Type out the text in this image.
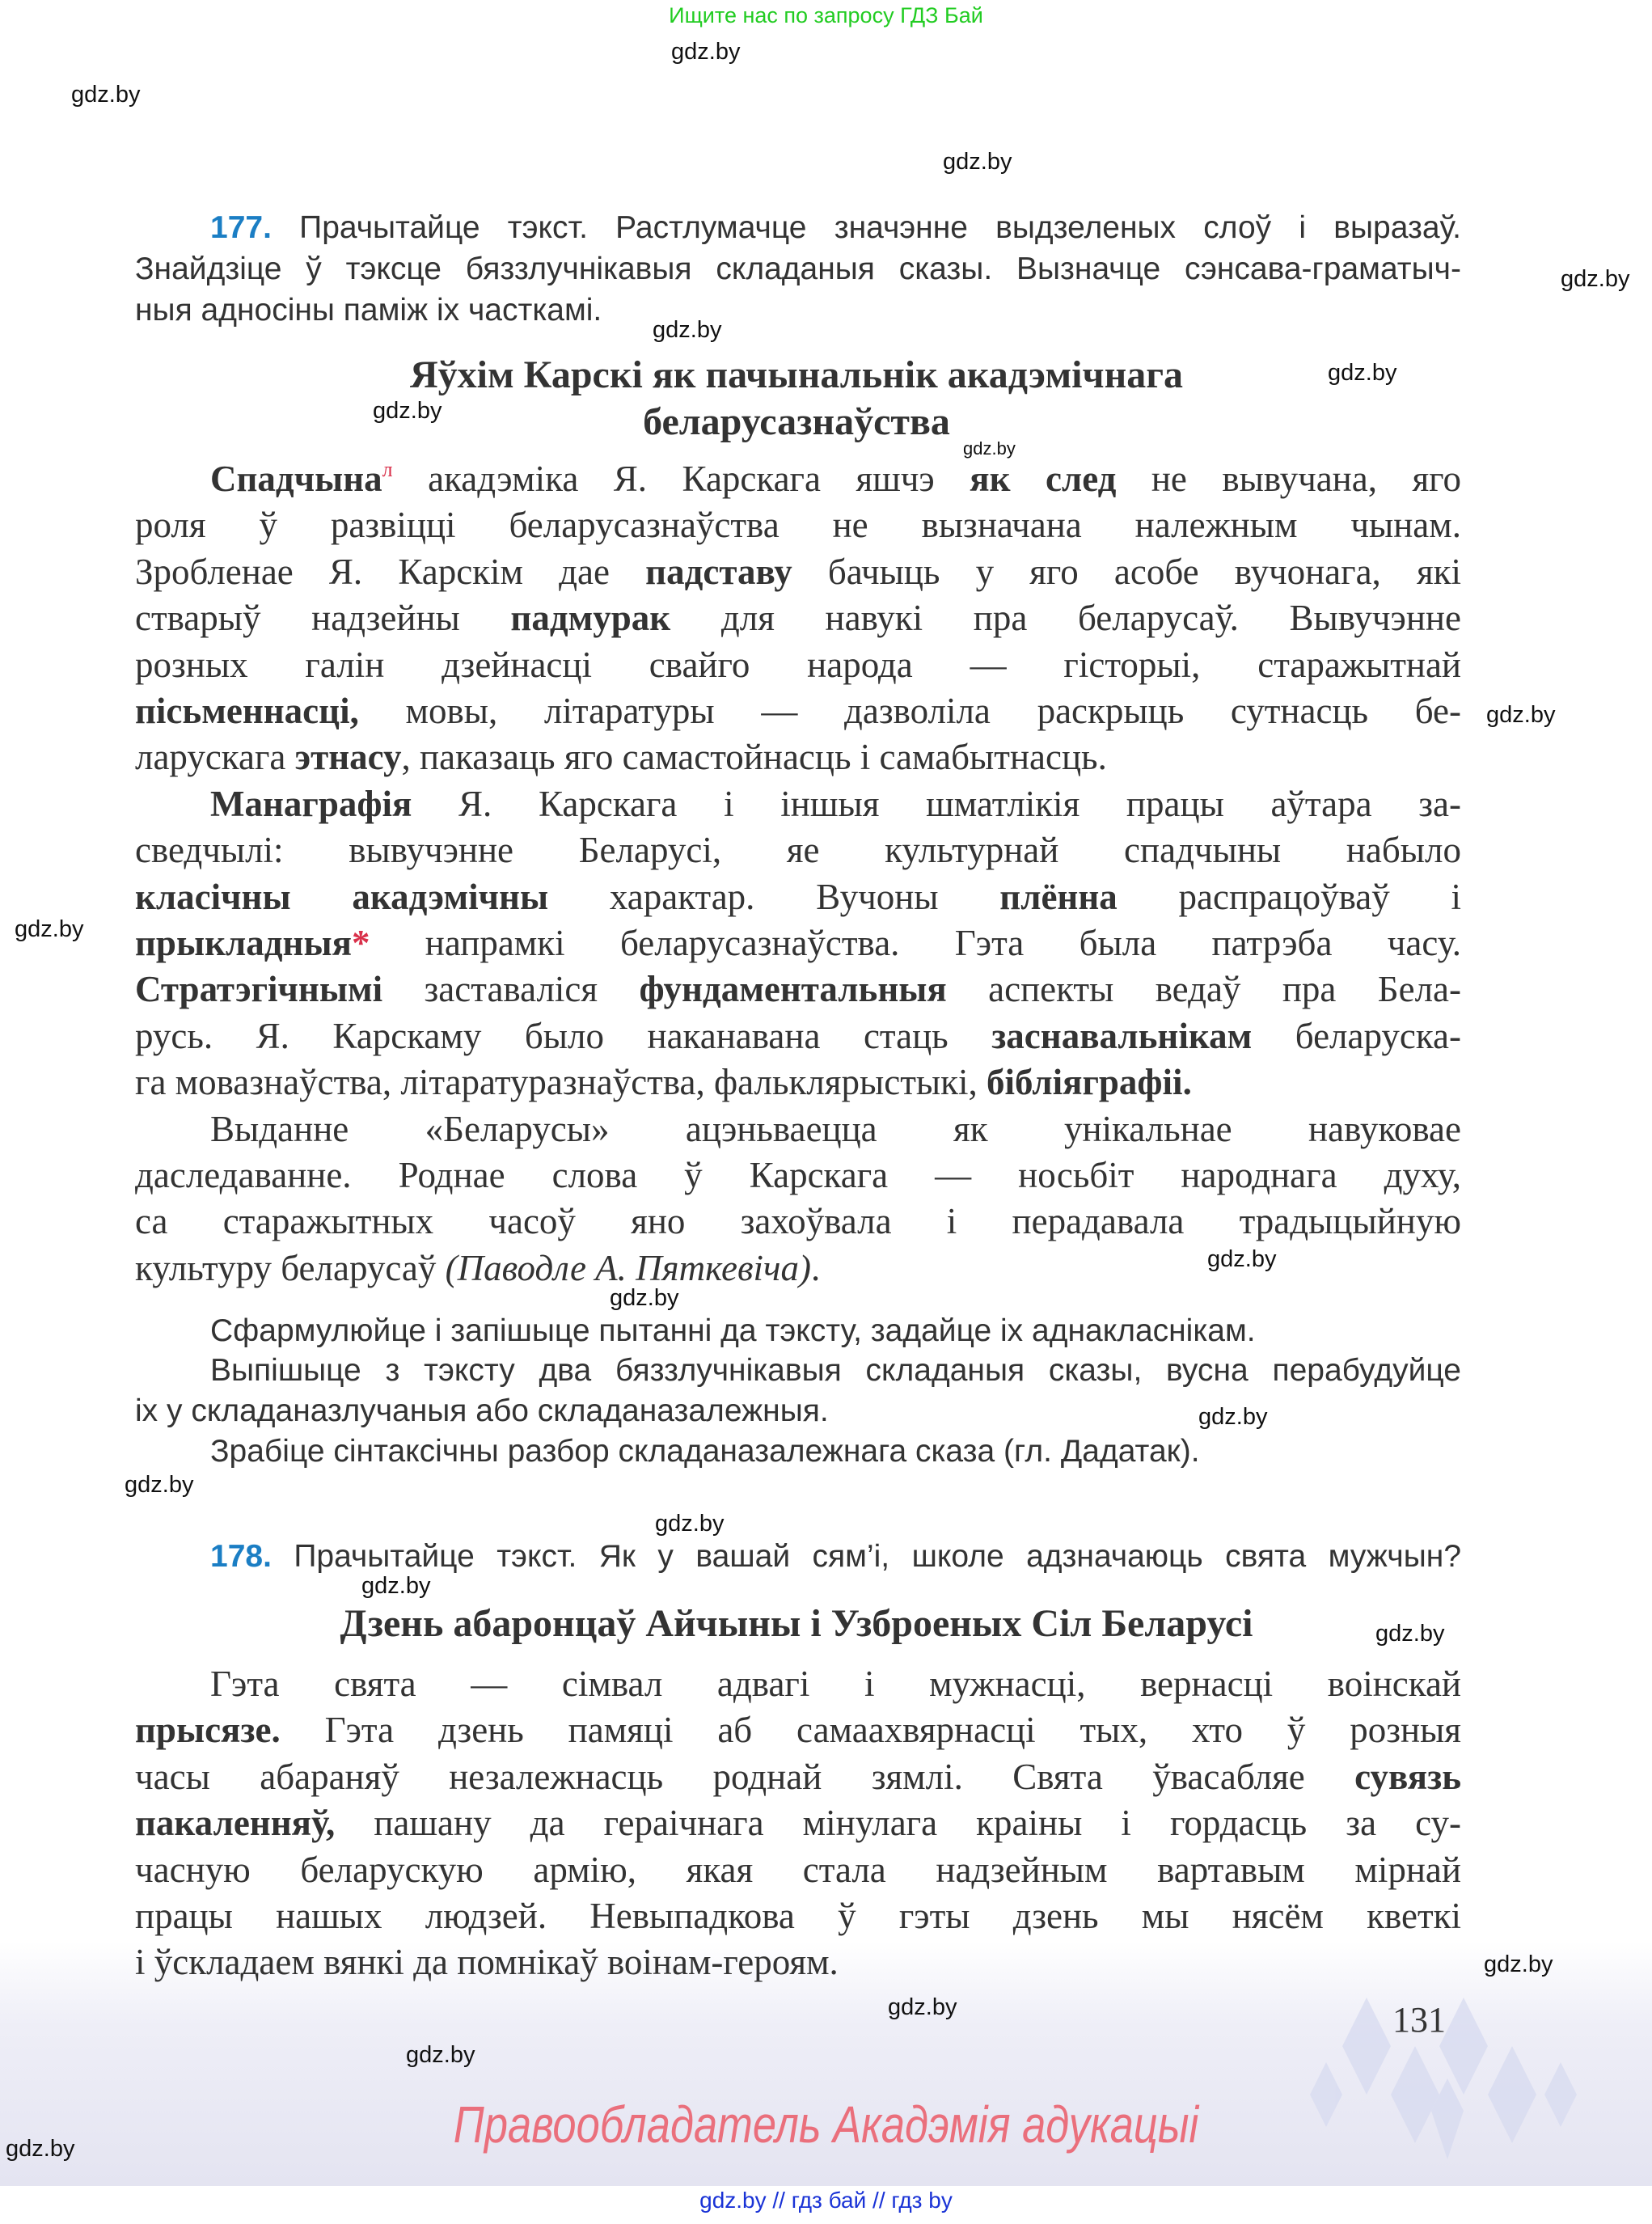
Ищите нас по запросу ГДЗ Бай
177. Прачытайце тэкст. Растлумачце значэнне выдзеленых слоў і выразаў.
Знайдзіце ў тэксце бяззлучнікавыя складаныя сказы. Вызначце сэнсава-граматыч-
ныя адносіны паміж іх часткамі.
Яўхім Карскі як пачынальнік акадэмічнага
беларусазнаўства
Спадчына$^л$ акадэміка Я. Карскага яшчэ як след не вывучана, яго
роля ў развіцці беларусазнаўства не вызначана належным чынам.
Зробленае Я. Карскім дае падставу бачыць у яго асобе вучонага, які
стварыў надзейны падмурак для навукі пра беларусаў. Вывучэнне
розных галін дзейнасці свайго народа — гісторыі, старажытнай
пісьменнасці, мовы, літаратуры — дазволіла раскрыць сутнасць бе-
ларускага этнасу, паказаць яго самастойнасць і самабытнасць.
Манаграфія Я. Карскага і іншыя шматлікія працы аўтара за-
сведчылі: вывучэнне Беларусі, яе культурнай спадчыны набыло
класічны акадэмічны характар. Вучоны плённа распрацоўваў і
прыкладныя* напрамкі беларусазнаўства. Гэта была патрэба часу.
Стратэгічнымі заставаліся фундаментальныя аспекты ведаў пра Бела-
русь. Я. Карскаму было наканавана стаць заснавальнікам беларуска-
га мовазнаўства, літаратуразнаўства, фальклярыстыкі, бібліяграфіі.
Выданне «Беларусы» ацэньваецца як унікальнае навуковае
даследаванне. Роднае слова ў Карскага — носьбіт народнага духу,
са старажытных часоў яно захоўвала і перадавала традыцыйную
культуру беларусаў (Паводле А. Пяткевіча).
Сфармулюйце і запішыце пытанні да тэксту, задайце іх аднакласнікам.
Выпішыце з тэксту два бяззлучнікавыя складаныя сказы, вусна перабудуйце
іх у складаназлучаныя або складаназалежныя.
Зрабіце сінтаксічны разбор складаназалежнага сказа (гл. Дадатак).
178. Прачытайце тэкст. Як у вашай сям’і, школе адзначаюць свята мужчын?
Дзень абаронцаў Айчыны і Узброеных Сіл Беларусі
Гэта свята — сімвал адвагі і мужнасці, вернасці воінскай
прысязе. Гэта дзень памяці аб самаахвярнасці тых, хто ў розныя
часы абараняў незалежнасць роднай зямлі. Свята ўвасабляе сувязь
пакаленняў, пашану да гераічнага мінулага краіны і гордасць за су-
часную беларускую армію, якая стала надзейным вартавым мірнай
працы нашых людзей. Невыпадкова ў гэты дзень мы нясём кветкі
і ўскладаем вянкі да помнікаў воінам-героям.
131
Правообладатель Акадэмія адукацыі
gdz.by // гдз бай // гдз by
gdz.by
gdz.by
gdz.by
gdz.by
gdz.by
gdz.by
gdz.by
gdz.by
gdz.by
gdz.by
gdz.by
gdz.by
gdz.by
gdz.by
gdz.by
gdz.by
gdz.by
gdz.by
gdz.by
gdz.by
gdz.by
